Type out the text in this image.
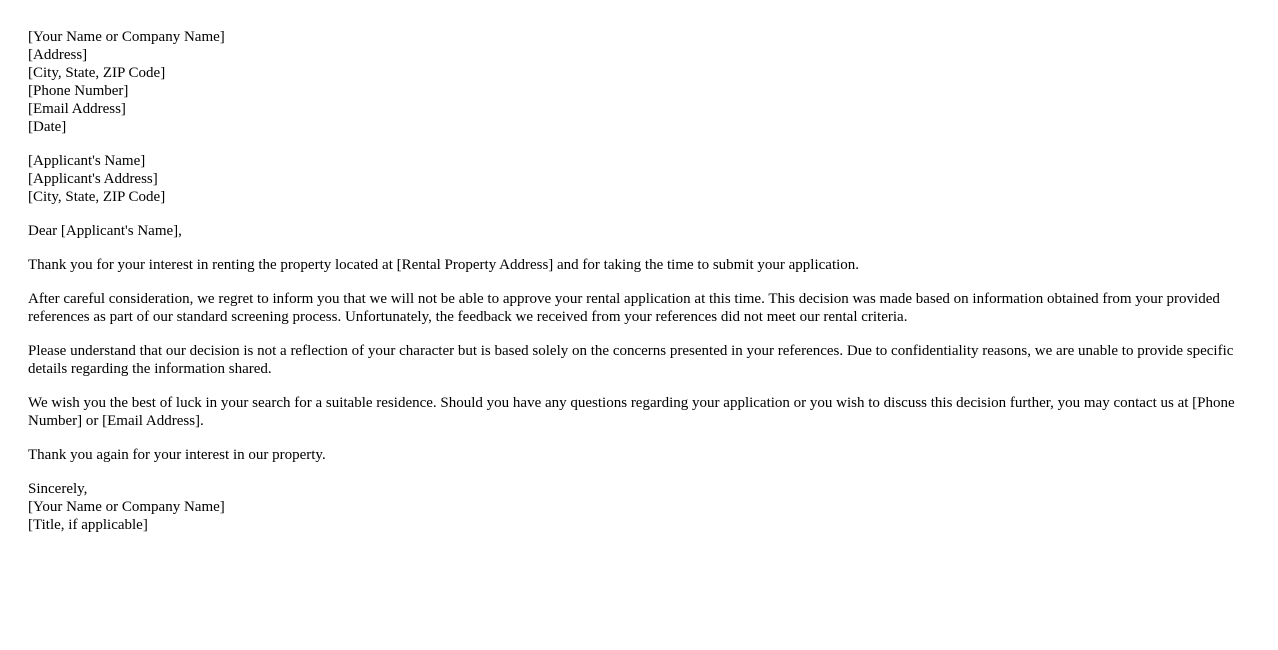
[Your Name or Company Name]
[Address]
[City, State, ZIP Code]
[Phone Number]
[Email Address]
[Date]
[Applicant's Name]
[Applicant's Address]
[City, State, ZIP Code]
Dear [Applicant's Name],
Thank you for your interest in renting the property located at [Rental Property Address] and for taking the time to submit your application.
After careful consideration, we regret to inform you that we will not be able to approve your rental application at this time. This decision was made based on information obtained from your provided references as part of our standard screening process. Unfortunately, the feedback we received from your references did not meet our rental criteria.
Please understand that our decision is not a reflection of your character but is based solely on the concerns presented in your references. Due to confidentiality reasons, we are unable to provide specific details regarding the information shared.
We wish you the best of luck in your search for a suitable residence. Should you have any questions regarding your application or you wish to discuss this decision further, you may contact us at [Phone Number] or [Email Address].
Thank you again for your interest in our property.
Sincerely,
[Your Name or Company Name]
[Title, if applicable]
